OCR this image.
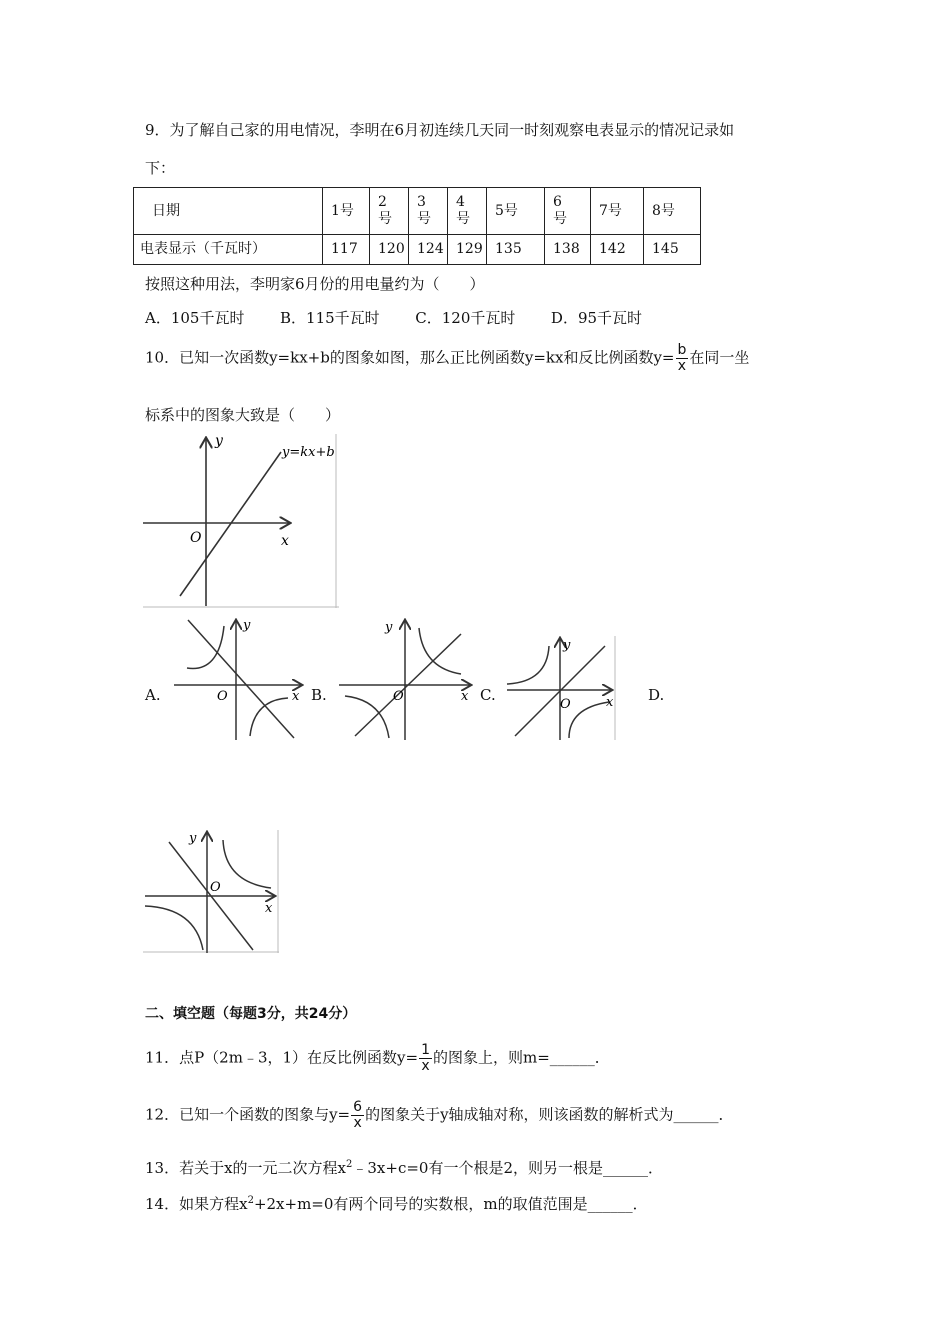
9．为了解自己家的用电情况，李明在6月初连续几天同一时刻观察电表显示的情况记录如
下：
日期	1号	2号	3号	4号	5号	6号	7号	8号
电表显示（千瓦时）	117	120	124	129	135	138	142	145
按照这种用法，李明家6月份的用电量约为（　　）
A．105千瓦时 B．115千瓦时 C．120千瓦时 D．95千瓦时
10．已知一次函数y=kx+b的图象如图，那么正比例函数y=kx和反比例函数$y= \frac{b}{x}$ 在同一坐
标系中的图象大致是（　　）
y
x
O
y=kx+b
A.	B.	C.	D.
y
x
O
y
x
O
y
x
O
y
x
O
二、填空题（每题3分，共24分）
11．点P（2m﹣3，1）在反比例函数$y= \frac{1}{x}$ 的图象上，则m=______．
12．已知一个函数的图象与$y= \frac{6}{x}$ 的图象关于y轴成轴对称，则该函数的解析式为______．
13．若关于x的一元二次方程$x^2﹣3x+c=0$有一个根是2，则另一根是______．
14．如果方程$x^2+2x+m=0$有两个同号的实数根，m的取值范围是______．
